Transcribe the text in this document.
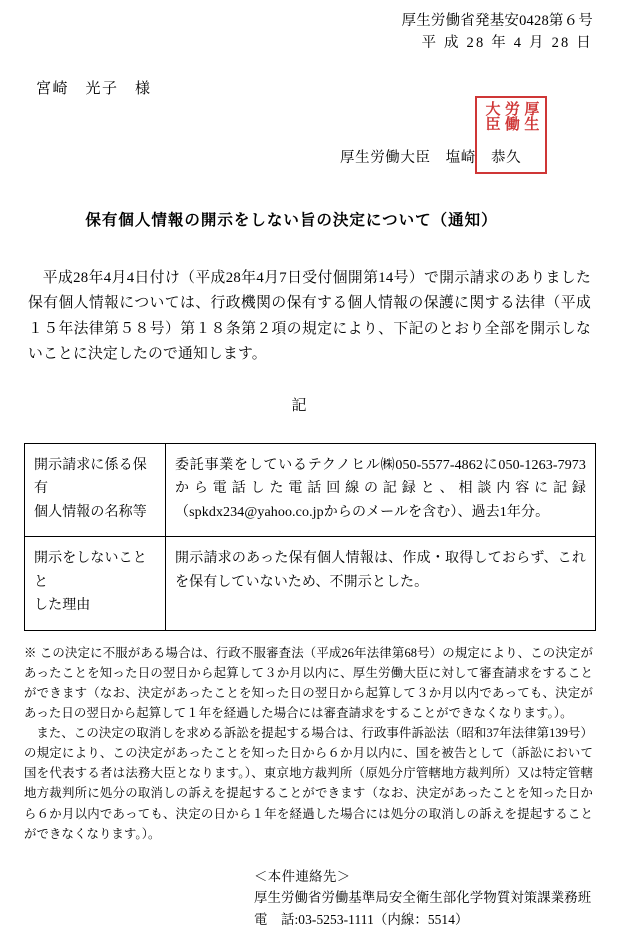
厚生労働省発基安0428第６号
平 成 28 年 4 月 28 日
宮崎　光子　様
厚生労働大臣　塩崎　恭久
厚生
労働
大臣
保有個人情報の開示をしない旨の決定について（通知）
平成28年4月4日付け（平成28年4月7日受付個開第14号）で開示請求のありました保有個人情報については、行政機関の保有する個人情報の保護に関する法律（平成１５年法律第５８号）第１８条第２項の規定により、下記のとおり全部を開示しないことに決定したので通知します。
記
開示請求に係る保有
個人情報の名称等	委託事業をしているテクノヒル㈱050-5577-4862に050-1263-7973から電話した電話回線の記録と、相談内容に記録（spkdx234@yahoo.co.jpからのメールを含む）、過去1年分。

開示をしないことと
した理由	開示請求のあった保有個人情報は、作成・取得しておらず、これを保有していないため、不開示とした。

※ この決定に不服がある場合は、行政不服審査法（平成26年法律第68号）の規定により、この決定があったことを知った日の翌日から起算して３か月以内に、厚生労働大臣に対して審査請求をすることができます（なお、決定があったことを知った日の翌日から起算して３か月以内であっても、決定があった日の翌日から起算して１年を経過した場合には審査請求をすることができなくなります。）。

また、この決定の取消しを求める訴訟を提起する場合は、行政事件訴訟法（昭和37年法律第139号）の規定により、この決定があったことを知った日から６か月以内に、国を被告として（訴訟において国を代表する者は法務大臣となります。）、東京地方裁判所（原処分庁管轄地方裁判所）又は特定管轄地方裁判所に処分の取消しの訴えを提起することができます（なお、決定があったことを知った日から６か月以内であっても、決定の日から１年を経過した場合には処分の取消しの訴えを提起することができなくなります。）。

＜本件連絡先＞
厚生労働省労働基準局安全衛生部化学物質対策課業務班
電　話:03-5253-1111（内線：5514）
